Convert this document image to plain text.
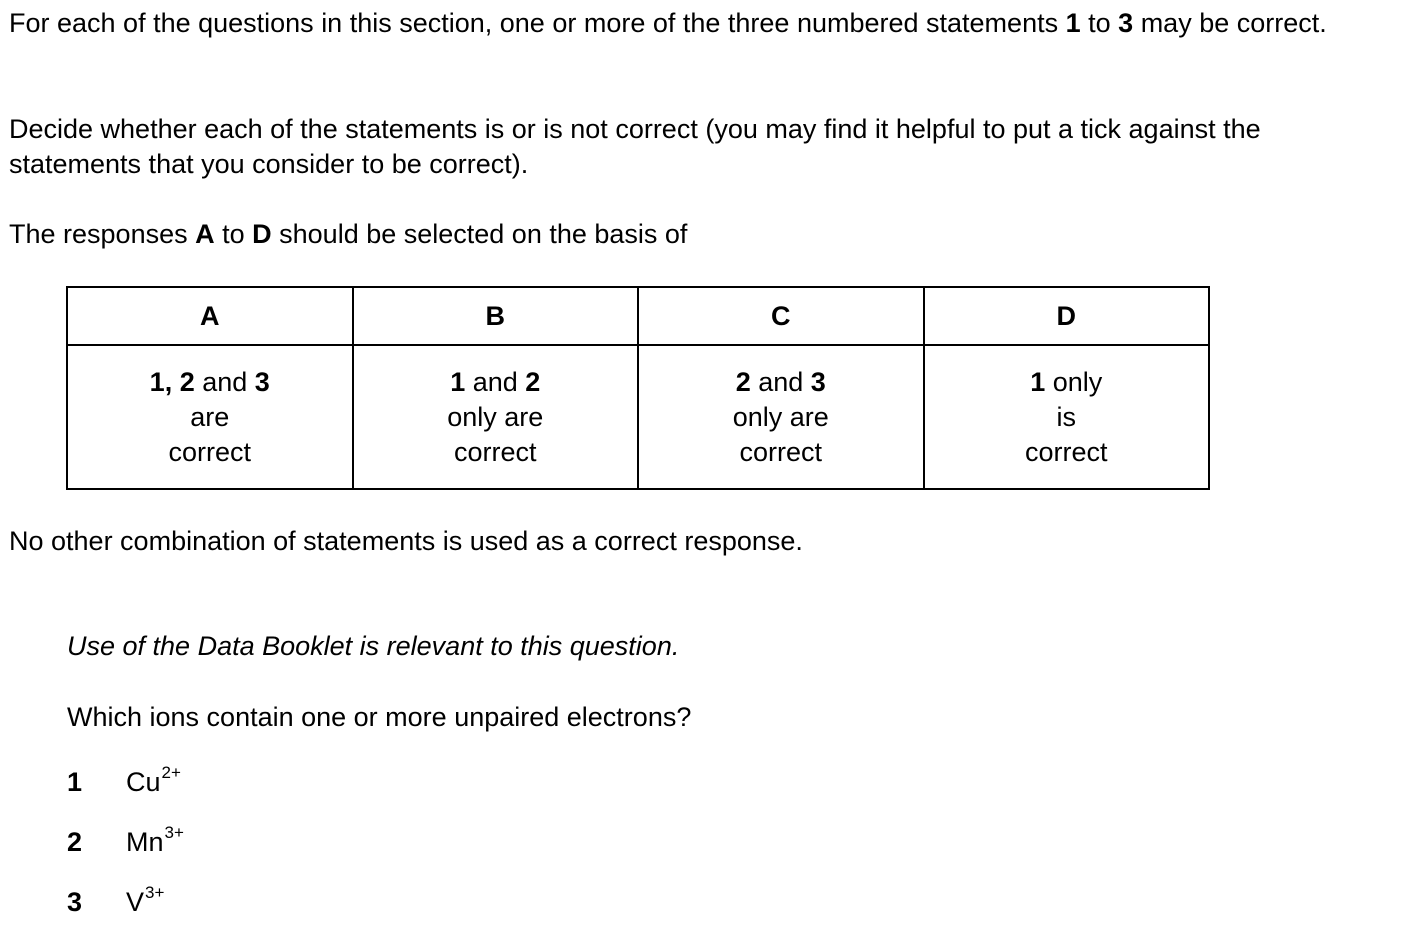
For each of the questions in this section, one or more of the three numbered statements 1 to 3 may be correct.

Decide whether each of the statements is or is not correct (you may find it helpful to put a tick against the statements that you consider to be correct).

The responses A to D should be selected on the basis of

A	B	C	D

1, 2 and 3
are
correct	1 and 2
only are
correct	2 and 3
only are
correct	1 only
is
correct

No other combination of statements is used as a correct response.

Use of the Data Booklet is relevant to this question.

Which ions contain one or more unpaired electrons?

1 $Cu^{2+}$
2 $Mn^{3+}$
3 $V^{3+}$
